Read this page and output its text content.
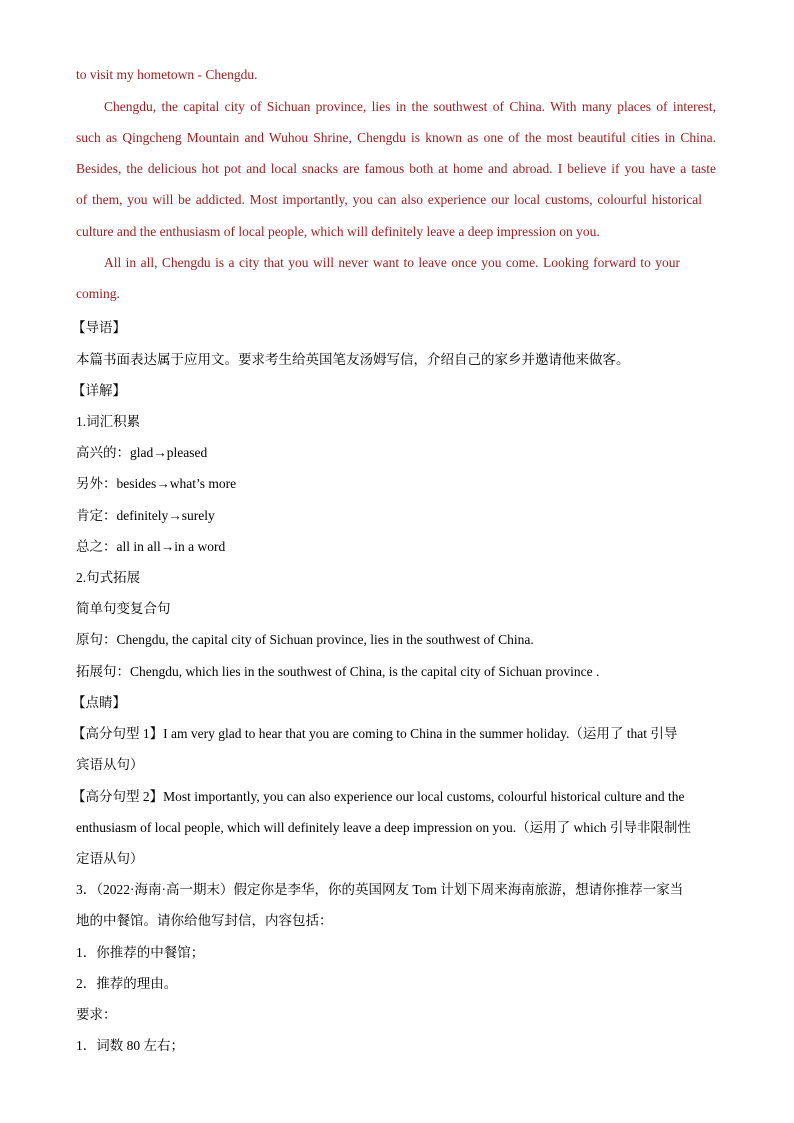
to visit my hometown - Chengdu.
Chengdu, the capital city of Sichuan province, lies in the southwest of China. With many places of interest,
such as Qingcheng Mountain and Wuhou Shrine, Chengdu is known as one of the most beautiful cities in China.
Besides, the delicious hot pot and local snacks are famous both at home and abroad. I believe if you have a taste
of them, you will be addicted. Most importantly, you can also experience our local customs, colourful historical
culture and the enthusiasm of local people, which will definitely leave a deep impression on you.
All in all, Chengdu is a city that you will never want to leave once you come. Looking forward to your
coming.
【导语】
本篇书面表达属于应用文。要求考生给英国笔友汤姆写信，介绍自己的家乡并邀请他来做客。
【详解】
1.词汇积累
高兴的：glad→pleased
另外：besides→what’s more
肯定：definitely→surely
总之：all in all→in a word
2.句式拓展
简单句变复合句
原句：Chengdu, the capital city of Sichuan province, lies in the southwest of China.
拓展句：Chengdu, which lies in the southwest of China, is the capital city of Sichuan province .
【点睛】
【高分句型 1】I am very glad to hear that you are coming to China in the summer holiday.（运用了 that 引导
宾语从句）
【高分句型 2】Most importantly, you can also experience our local customs, colourful historical culture and the
enthusiasm of local people, which will definitely leave a deep impression on you.（运用了 which 引导非限制性
定语从句）
3．（2022·海南·高一期末）假定你是李华，你的英国网友 Tom 计划下周来海南旅游，想请你推荐一家当
地的中餐馆。请你给他写封信，内容包括：
1．你推荐的中餐馆；
2．推荐的理由。
要求：
1．词数 80 左右；
